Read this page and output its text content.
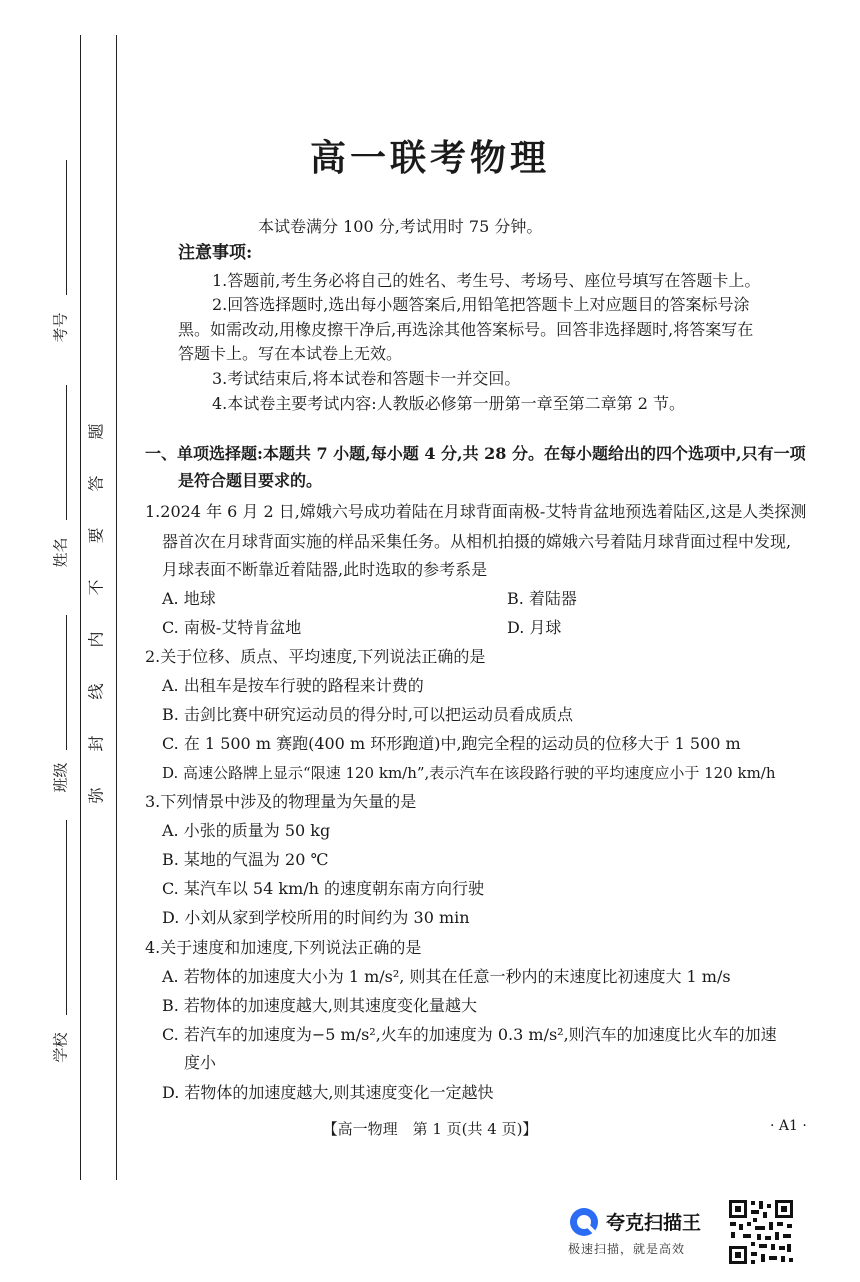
考号
姓名
班级
学校
题
答
要
不
内
线
封
弥
高一联考物理
本试卷满分 100 分,考试用时 75 分钟。
注意事项:
1.答题前,考生务必将自己的姓名、考生号、考场号、座位号填写在答题卡上。
2.回答选择题时,选出每小题答案后,用铅笔把答题卡上对应题目的答案标号涂
黑。如需改动,用橡皮擦干净后,再选涂其他答案标号。回答非选择题时,将答案写在
答题卡上。写在本试卷上无效。
3.考试结束后,将本试卷和答题卡一并交回。
4.本试卷主要考试内容:人教版必修第一册第一章至第二章第 2 节。
一、单项选择题:本题共 7 小题,每小题 4 分,共 28 分。在每小题给出的四个选项中,只有一项
是符合题目要求的。
1.2024 年 6 月 2 日,嫦娥六号成功着陆在月球背面南极-艾特肯盆地预选着陆区,这是人类探测
器首次在月球背面实施的样品采集任务。从相机拍摄的嫦娥六号着陆月球背面过程中发现,
月球表面不断靠近着陆器,此时选取的参考系是
A. 地球	B. 着陆器
C. 南极-艾特肯盆地	D. 月球
2.关于位移、质点、平均速度,下列说法正确的是
A. 出租车是按车行驶的路程来计费的
B. 击剑比赛中研究运动员的得分时,可以把运动员看成质点
C. 在 1 500 m 赛跑(400 m 环形跑道)中,跑完全程的运动员的位移大于 1 500 m
D. 高速公路牌上显示“限速 120 km/h”,表示汽车在该段路行驶的平均速度应小于 120 km/h
3.下列情景中涉及的物理量为矢量的是
A. 小张的质量为 50 kg
B. 某地的气温为 20 ℃
C. 某汽车以 54 km/h 的速度朝东南方向行驶
D. 小刘从家到学校所用的时间约为 30 min
4.关于速度和加速度,下列说法正确的是
A. 若物体的加速度大小为 1 m/s², 则其在任意一秒内的末速度比初速度大 1 m/s
B. 若物体的加速度越大,则其速度变化量越大
C. 若汽车的加速度为−5 m/s²,火车的加速度为 0.3 m/s²,则汽车的加速度比火车的加速
度小
D. 若物体的加速度越大,则其速度变化一定越快
【高一物理　第 1 页(共 4 页)】	· A1 ·
夸克扫描王
极速扫描，就是高效
